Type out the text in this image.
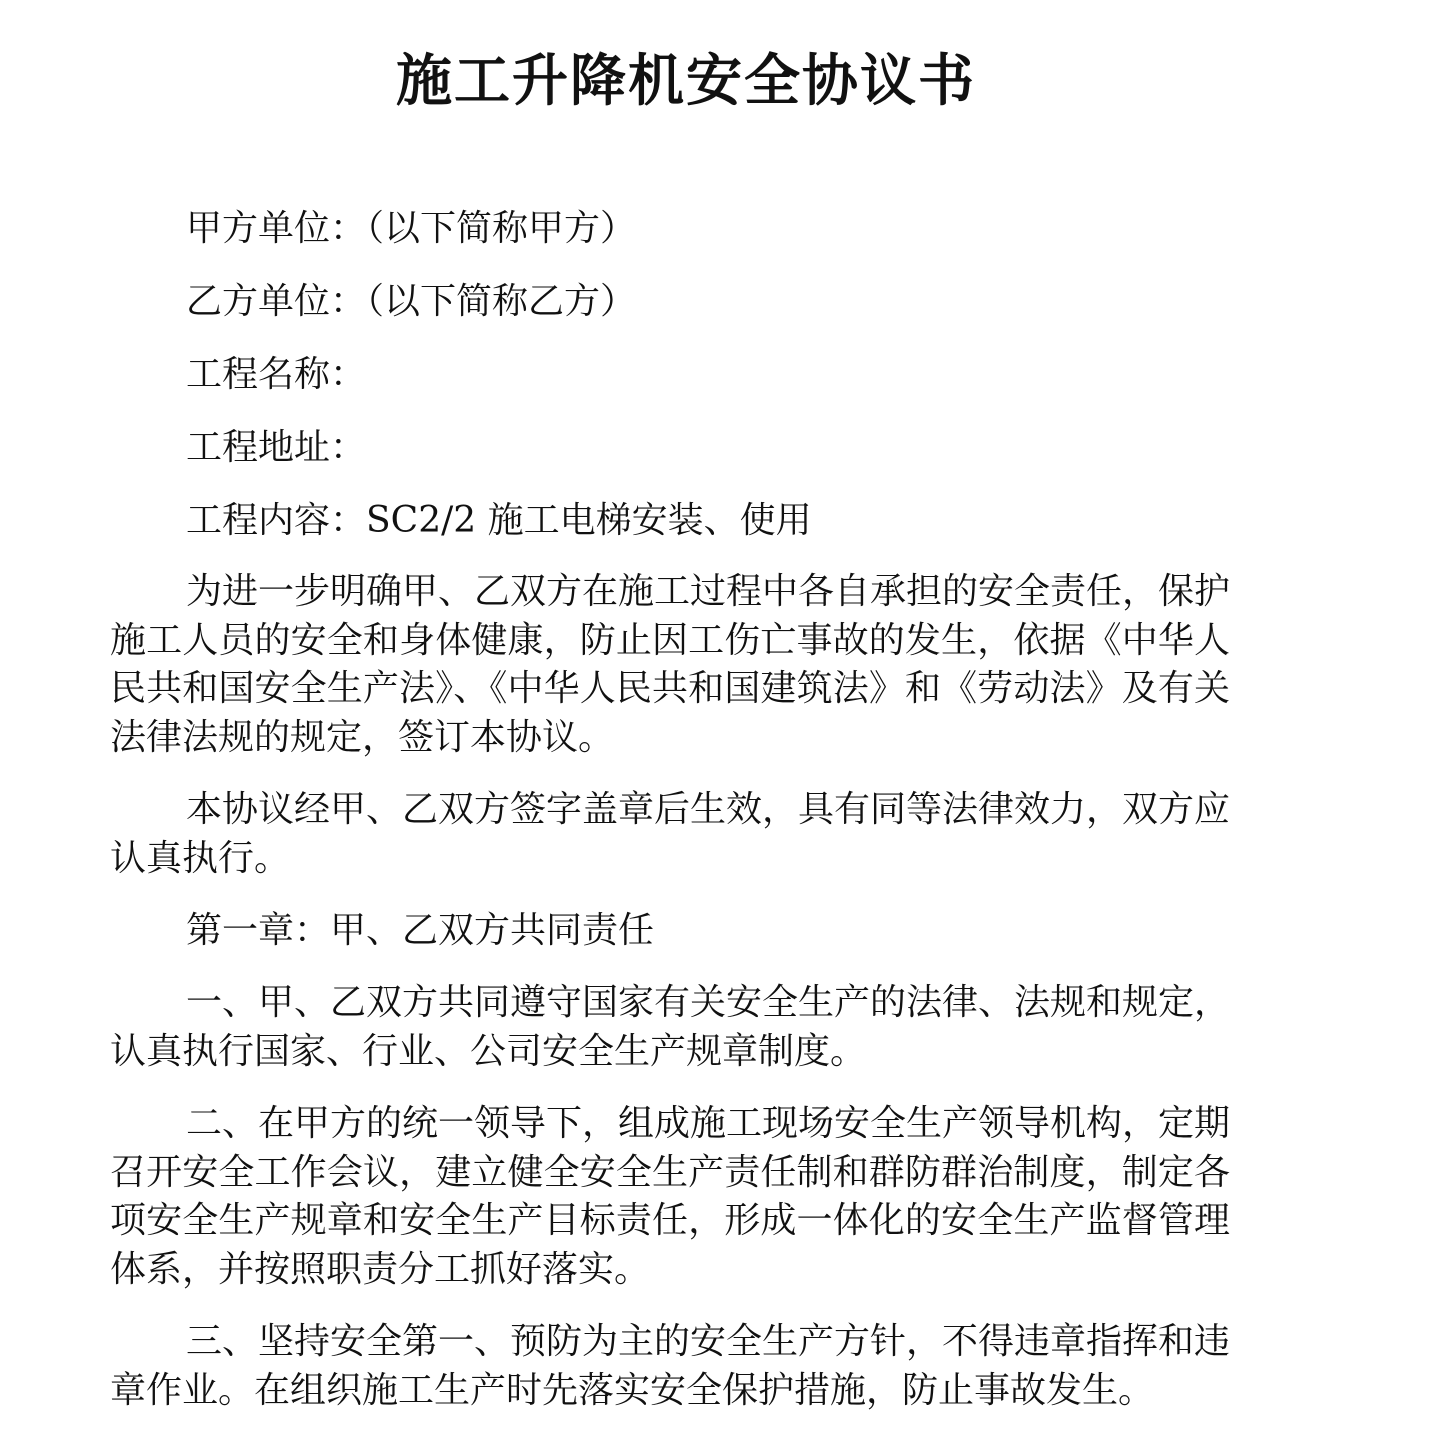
施工升降机安全协议书

甲方单位：（以下简称甲方）

乙方单位：（以下简称乙方）

工程名称：

工程地址：

工程内容：SC2/2 施工电梯安装、使用

为进一步明确甲、乙双方在施工过程中各自承担的安全责任，保护施工人员的安全和身体健康，防止因工伤亡事故的发生，依据《中华人民共和国安全生产法》、《中华人民共和国建筑法》和《劳动法》及有关法律法规的规定，签订本协议。

本协议经甲、乙双方签字盖章后生效，具有同等法律效力，双方应认真执行。

第一章：甲、乙双方共同责任

一、甲、乙双方共同遵守国家有关安全生产的法律、法规和规定，认真执行国家、行业、公司安全生产规章制度。

二、在甲方的统一领导下，组成施工现场安全生产领导机构，定期召开安全工作会议，建立健全安全生产责任制和群防群治制度，制定各项安全生产规章和安全生产目标责任，形成一体化的安全生产监督管理体系，并按照职责分工抓好落实。

三、坚持安全第一、预防为主的安全生产方针，不得违章指挥和违章作业。在组织施工生产时先落实安全保护措施，防止事故发生。
